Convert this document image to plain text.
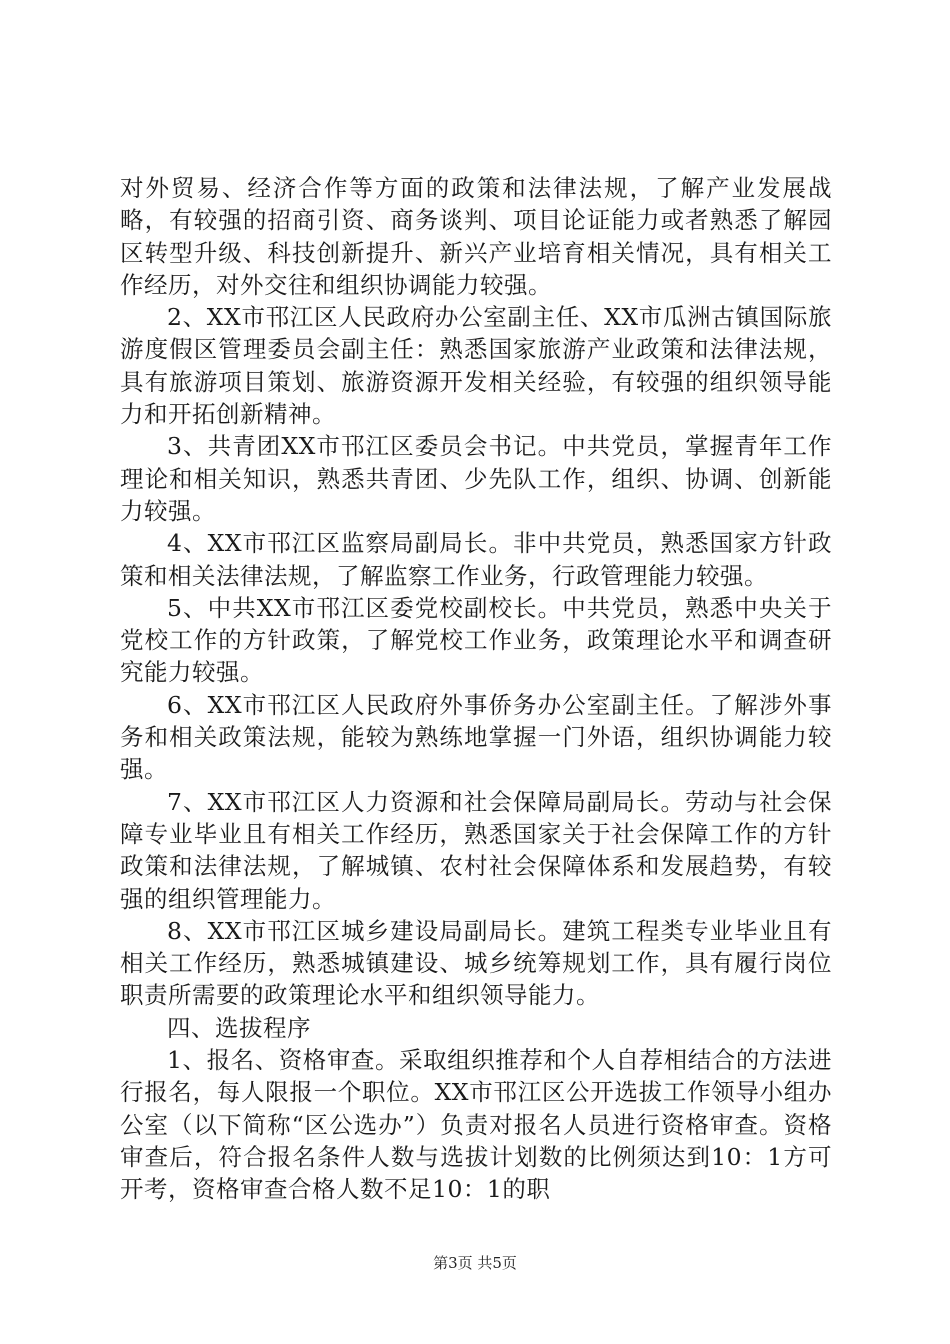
对外贸易、经济合作等方面的政策和法律法规，了解产业发展战略，有较强的招商引资、商务谈判、项目论证能力或者熟悉了解园区转型升级、科技创新提升、新兴产业培育相关情况，具有相关工作经历，对外交往和组织协调能力较强。

2、XX市邗江区人民政府办公室副主任、XX市瓜洲古镇国际旅游度假区管理委员会副主任：熟悉国家旅游产业政策和法律法规，具有旅游项目策划、旅游资源开发相关经验，有较强的组织领导能力和开拓创新精神。

3、共青团XX市邗江区委员会书记。中共党员，掌握青年工作理论和相关知识，熟悉共青团、少先队工作，组织、协调、创新能力较强。

4、XX市邗江区监察局副局长。非中共党员，熟悉国家方针政策和相关法律法规，了解监察工作业务，行政管理能力较强。

5、中共XX市邗江区委党校副校长。中共党员，熟悉中央关于党校工作的方针政策，了解党校工作业务，政策理论水平和调查研究能力较强。

6、XX市邗江区人民政府外事侨务办公室副主任。了解涉外事务和相关政策法规，能较为熟练地掌握一门外语，组织协调能力较强。

7、XX市邗江区人力资源和社会保障局副局长。劳动与社会保障专业毕业且有相关工作经历，熟悉国家关于社会保障工作的方针政策和法律法规，了解城镇、农村社会保障体系和发展趋势，有较强的组织管理能力。

8、XX市邗江区城乡建设局副局长。建筑工程类专业毕业且有相关工作经历，熟悉城镇建设、城乡统筹规划工作，具有履行岗位职责所需要的政策理论水平和组织领导能力。

四、选拔程序

1、报名、资格审查。采取组织推荐和个人自荐相结合的方法进行报名，每人限报一个职位。XX市邗江区公开选拔工作领导小组办公室（以下简称“区公选办”）负责对报名人员进行资格审查。资格审查后，符合报名条件人数与选拔计划数的比例须达到10：1方可开考，资格审查合格人数不足10：1的职

第3页 共5页
